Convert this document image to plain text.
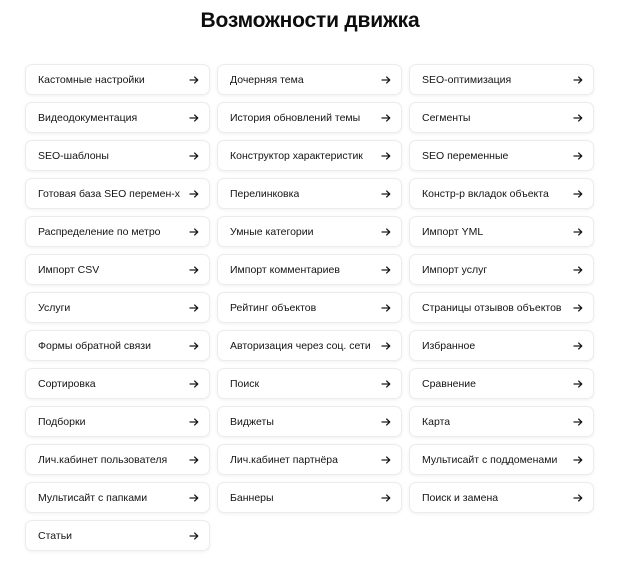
Возможности движка
Кастомные настройки	Дочерняя тема	SEO-оптимизация
Видеодокументация	История обновлений темы	Сегменты
SEO-шаблоны	Конструктор характеристик	SEO переменные
Готовая база SEO перемен-х	Перелинковка	Констр-р вкладок объекта
Распределение по метро	Умные категории	Импорт YML
Импорт CSV	Импорт комментариев	Импорт услуг
Услуги	Рейтинг объектов	Страницы отзывов объектов
Формы обратной связи	Авторизация через соц. сети	Избранное
Сортировка	Поиск	Сравнение
Подборки	Виджеты	Карта
Лич.кабинет пользователя	Лич.кабинет партнёра	Мультисайт с поддоменами
Мультисайт с папками	Баннеры	Поиск и замена
Статьи
